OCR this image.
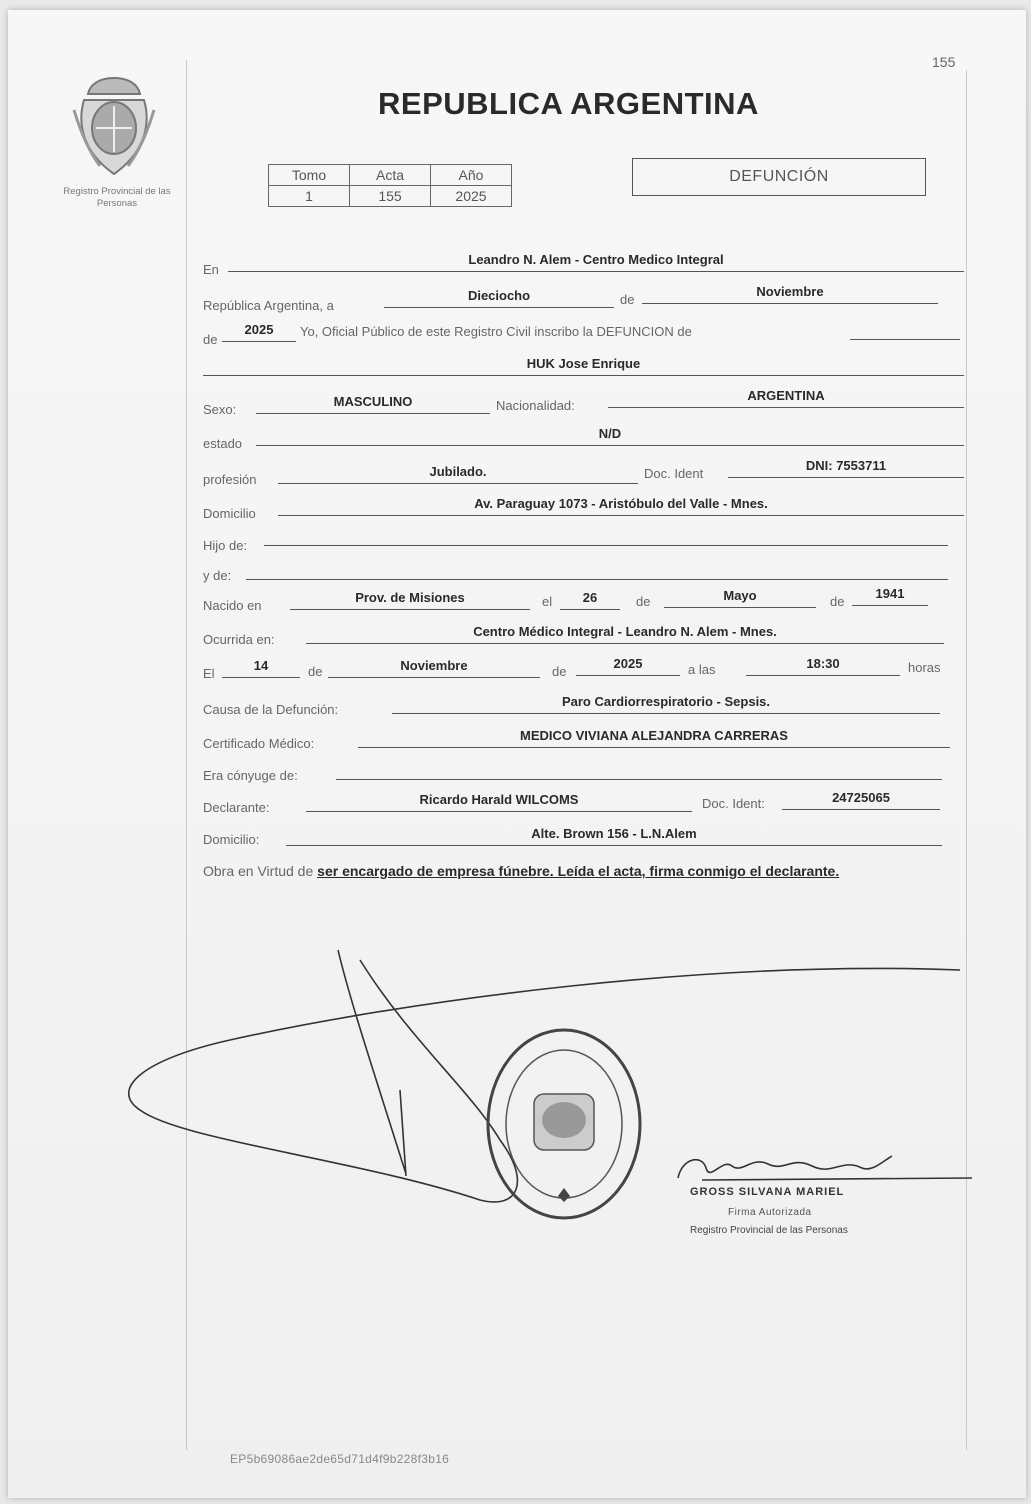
155
Registro Provincial de las Personas
REPUBLICA ARGENTINA
Tomo	Acta	Año
1	155	2025
DEFUNCIÓN
En
Leandro N. Alem - Centro Medico Integral
República Argentina, a
Dieciocho	de
Noviembre
de
2025	Yo, Oficial Público de este Registro Civil inscribo la DEFUNCION de
HUK Jose Enrique
Sexo:
MASCULINO	Nacionalidad:
ARGENTINA
estado
N/D
profesión
Jubilado.	Doc. Ident
DNI: 7553711
Domicilio
Av. Paraguay 1073 - Aristóbulo del Valle - Mnes.
Hijo de:
y de:
Nacido en
Prov. de Misiones	el	26	de	Mayo	de
1941
Ocurrida en:
Centro Médico Integral - Leandro N. Alem - Mnes.
El
14	de	Noviembre	de
2025	a las	18:30	horas
Causa de la Defunción:
Paro Cardiorrespiratorio - Sepsis.
Certificado Médico:
MEDICO VIVIANA ALEJANDRA CARRERAS
Era cónyuge de:
Declarante:
Ricardo Harald WILCOMS	Doc. Ident:	24725065
Domicilio:	Alte. Brown 156 - L.N.Alem
Obra en Virtud de ser encargado de empresa fúnebre. Leída el acta, firma conmigo el declarante.
GROSS SILVANA MARIEL
Firma Autorizada
Registro Provincial de las Personas
EP5b69086ae2de65d71d4f9b228f3b16
